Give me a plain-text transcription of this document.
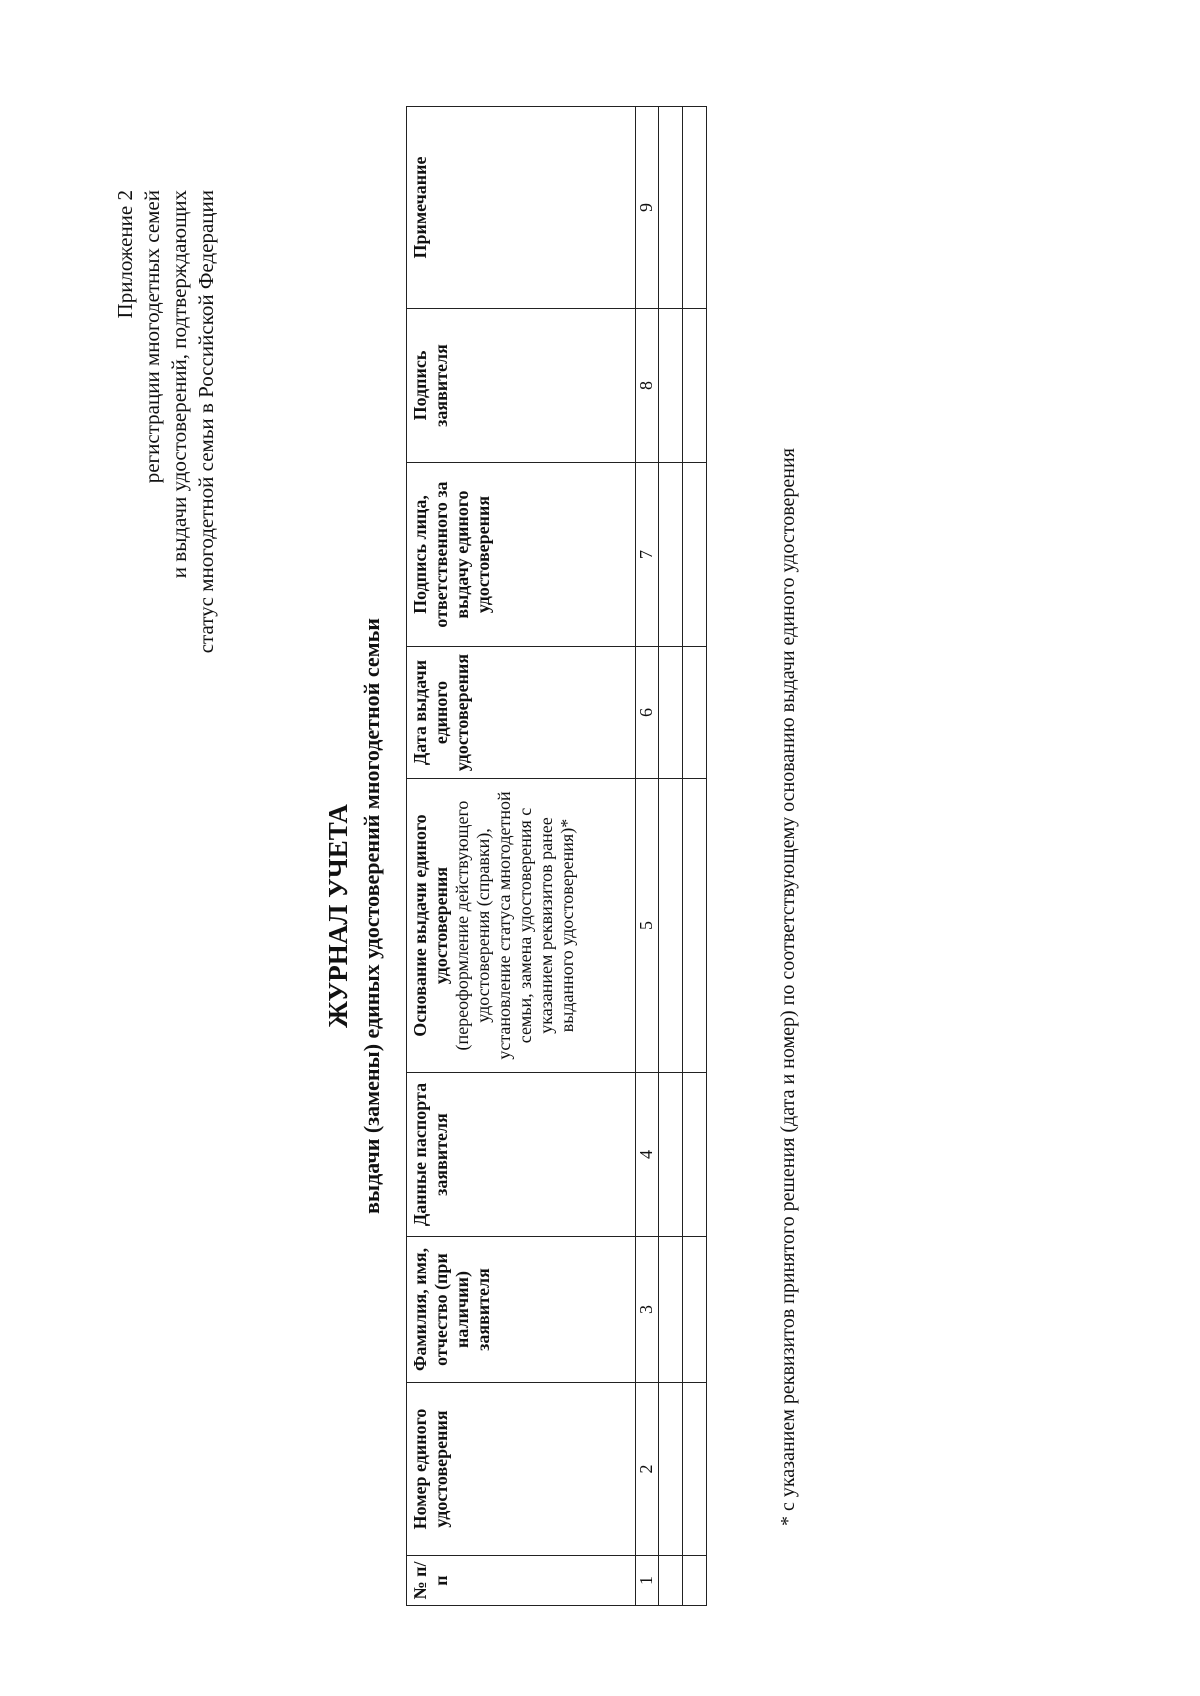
Приложение 2 регистрации многодетных семей и выдачи удостоверений, подтверждающих статус многодетной семьи в Российской Федерации
ЖУРНАЛ УЧЕТА выдачи (замены) единых удостоверений многодетной семьи
№ п/п	Номер единого удостоверения	Фамилия, имя, отчество (при наличии) заявителя	Данные паспорта заявителя	Основание выдачи единого удостоверения (переоформление действующего удостоверения (справки), установление статуса многодетной семьи, замена удостоверения с указанием реквизитов ранее выданного удостоверения)*	Дата выдачи единого удостоверения	Подпись лица, ответственного за выдачу единого удостоверения	Подпись заявителя	Примечание
1	2	3	4	5	6	7	8	9

* с указанием реквизитов принятого решения (дата и номер) по соответствующему основанию выдачи единого удостоверения
